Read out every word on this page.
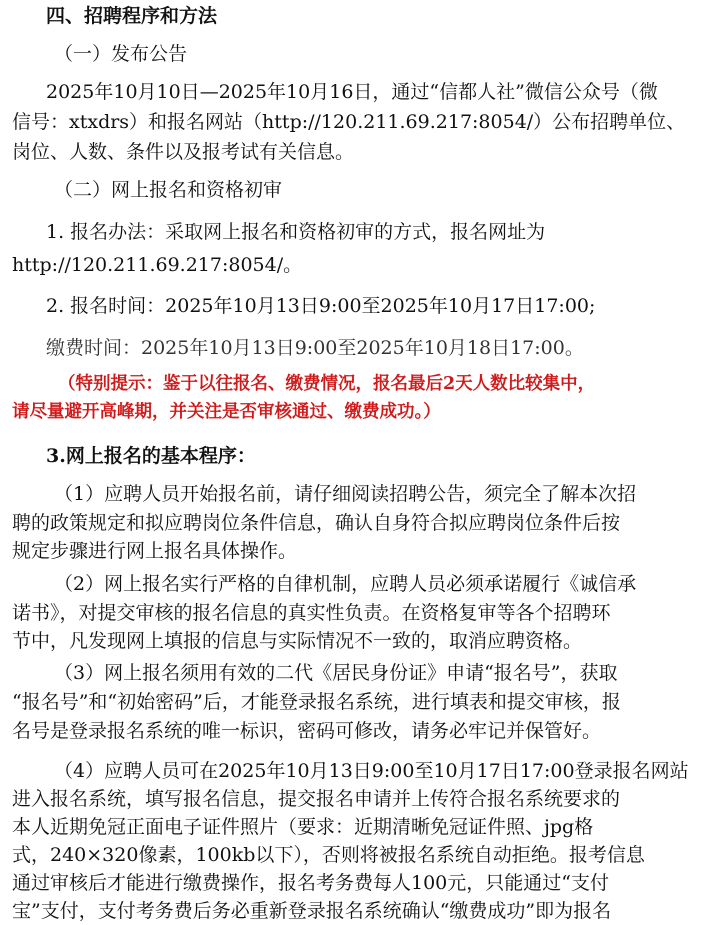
四、招聘程序和方法
（一）发布公告
2025年10月10日—2025年10月16日，通过“信都人社”微信公众号（微
信号：xtxdrs）和报名网站（http://120.211.69.217:8054/）公布招聘单位、
岗位、人数、条件以及报考试有关信息。
（二）网上报名和资格初审
1. 报名办法：采取网上报名和资格初审的方式，报名网址为
http://120.211.69.217:8054/。
2. 报名时间：2025年10月13日9:00至2025年10月17日17:00;
缴费时间：2025年10月13日9:00至2025年10月18日17:00。
（特别提示：鉴于以往报名、缴费情况，报名最后2天人数比较集中，
请尽量避开高峰期，并关注是否审核通过、缴费成功。）
3.网上报名的基本程序：
（1）应聘人员开始报名前，请仔细阅读招聘公告，须完全了解本次招
聘的政策规定和拟应聘岗位条件信息，确认自身符合拟应聘岗位条件后按
规定步骤进行网上报名具体操作。
（2）网上报名实行严格的自律机制，应聘人员必须承诺履行《诚信承
诺书》，对提交审核的报名信息的真实性负责。在资格复审等各个招聘环
节中，凡发现网上填报的信息与实际情况不一致的，取消应聘资格。
（3）网上报名须用有效的二代《居民身份证》申请“报名号”，获取
“报名号”和“初始密码”后，才能登录报名系统，进行填表和提交审核，报
名号是登录报名系统的唯一标识，密码可修改，请务必牢记并保管好。
（4）应聘人员可在2025年10月13日9:00至10月17日17:00登录报名网站
进入报名系统，填写报名信息，提交报名申请并上传符合报名系统要求的
本人近期免冠正面电子证件照片（要求：近期清晰免冠证件照、jpg格
式，240×320像素，100kb以下），否则将被报名系统自动拒绝。报考信息
通过审核后才能进行缴费操作，报名考务费每人100元，只能通过“支付
宝”支付，支付考务费后务必重新登录报名系统确认“缴费成功”即为报名
